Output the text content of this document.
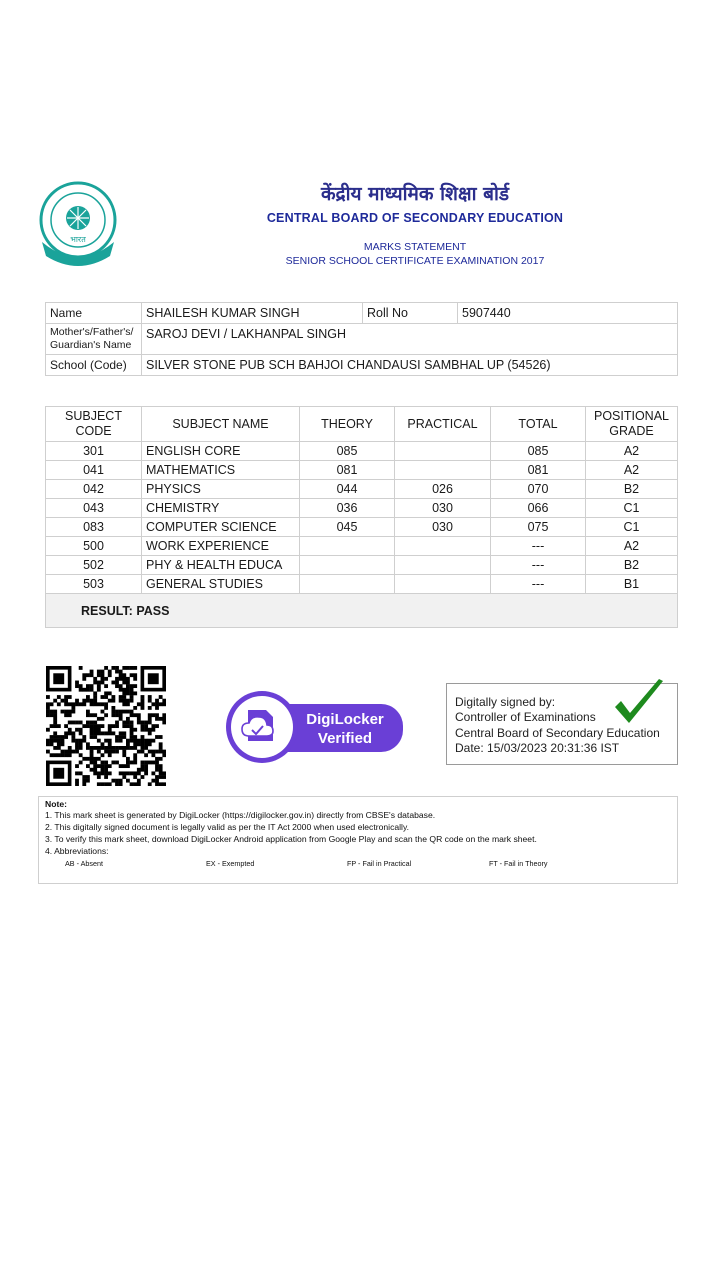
भारत
केंद्रीय माध्यमिक शिक्षा बोर्ड
CENTRAL BOARD OF SECONDARY EDUCATION
MARKS STATEMENT
SENIOR SCHOOL CERTIFICATE EXAMINATION 2017
Name	SHAILESH KUMAR SINGH	Roll No	5907440
Mother's/Father's/ Guardian's Name	SAROJ DEVI / LAKHANPAL SINGH		
School (Code)	SILVER STONE PUB SCH BAHJOI CHANDAUSI SAMBHAL UP (54526)		
SUBJECT CODE	SUBJECT NAME	THEORY	PRACTICAL	TOTAL	POSITIONAL GRADE
301	ENGLISH CORE	085		085	A2
041	MATHEMATICS	081		081	A2
042	PHYSICS	044	026	070	B2
043	CHEMISTRY	036	030	066	C1
083	COMPUTER SCIENCE	045	030	075	C1
500	WORK EXPERIENCE			---	A2
502	PHY & HEALTH EDUCA			---	B2
503	GENERAL STUDIES			---	B1
RESULT: PASS					
DigiLocker
Verified
Digitally signed by:
Controller of Examinations
Central Board of Secondary Education
Date: 15/03/2023 20:31:36 IST
Note:
1. This mark sheet is generated by DigiLocker (https://digilocker.gov.in) directly from CBSE's database.
2. This digitally signed document is legally valid as per the IT Act 2000 when used electronically.
3. To verify this mark sheet, download DigiLocker Android application from Google Play and scan the QR code on the mark sheet.
4. Abbreviations:
AB - Absent	EX - Exempted	FP - Fail in Practical	FT - Fail in Theory
